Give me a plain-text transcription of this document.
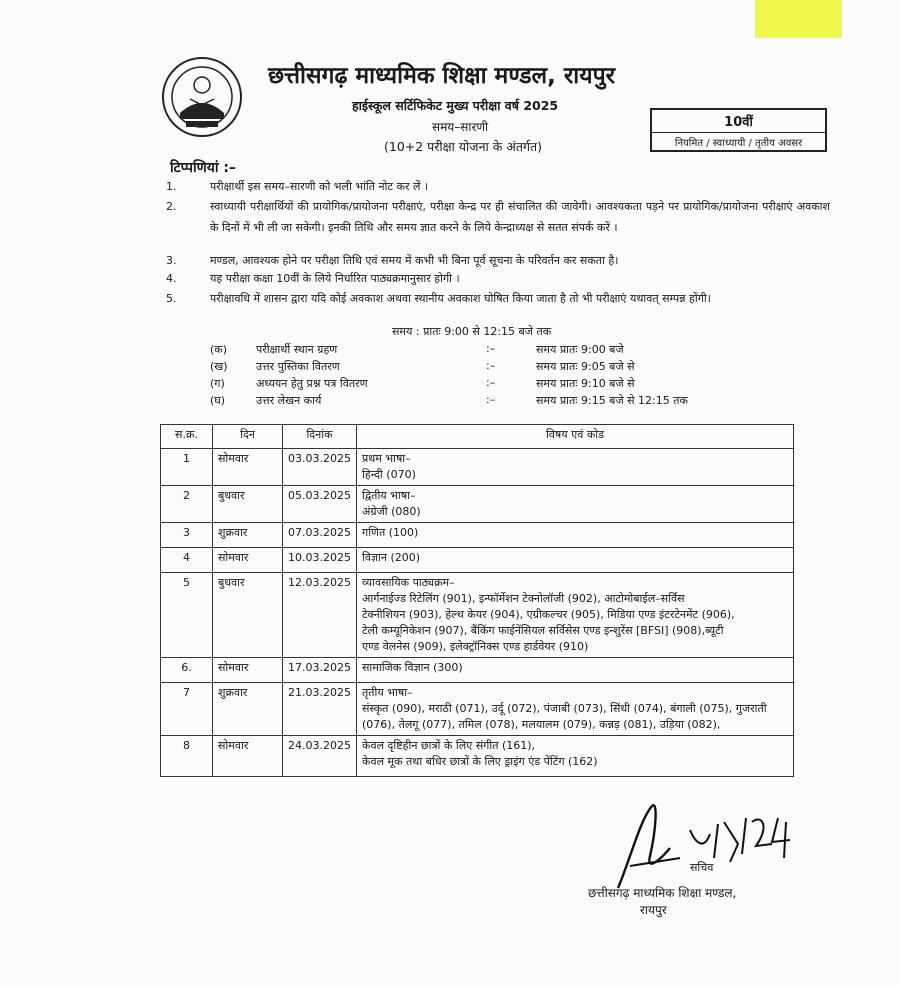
छत्तीसगढ़ माध्यमिक शिक्षा मण्डल, रायपुर
हाईस्कूल सर्टिफिकेट मुख्य परीक्षा वर्ष 2025
समय–सारणी
(10+2 परीक्षा योजना के अंतर्गत)
10वीं
नियमित / स्वाध्यायी / तृतीय अवसर
टिप्पणियां :–
1.	परीक्षार्थी इस समय–सारणी को भली भांति नोट कर लें ।
2.	स्वाध्यायी परीक्षार्थियों की प्रायोगिक/प्रायोजना परीक्षाएं, परीक्षा केन्द्र पर ही संचालित की जावेगी। आवश्यकता पड़ने पर प्रायोगिक/प्रायोजना परीक्षाएं अवकाश के दिनों में भी ली जा सकेगी। इनकी तिथि और समय ज्ञात करने के लिये केन्द्राध्यक्ष से सतत संपर्क करें ।
3.	मण्डल, आवश्यक होने पर परीक्षा तिथि एवं समय में कभी भी बिना पूर्व सूचना के परिवर्तन कर सकता है।
4.	यह परीक्षा कक्षा 10वीं के लिये निर्धारित पाठ्यक्रमानुसार होगी ।
5.	परीक्षावधि में शासन द्वारा यदि कोई अवकाश अथवा स्थानीय अवकाश घोषित किया जाता है तो भी परीक्षाएं यथावत् सम्पन्न होंगी।
समय : प्रातः 9:00 से 12:15 बजे तक
(क)	परीक्षार्थी स्थान ग्रहण	:–	समय प्रातः 9:00 बजे
(ख)	उत्तर पुस्तिका वितरण	:–	समय प्रातः 9:05 बजे से
(ग)	अध्ययन हेतु प्रश्न पत्र वितरण	:–	समय प्रातः 9:10 बजे से
(घ)	उत्तर लेखन कार्य	:–	समय प्रातः 9:15 बजे से 12:15 तक
स.क्र.	दिन	दिनांक	विषय एवं कोड
1	सोमवार	03.03.2025	प्रथम भाषा–
हिन्दी (070)

2	बुधवार	05.03.2025	द्वितीय भाषा–
अंग्रेजी (080)

3	शुक्रवार	07.03.2025	गणित (100)

4	सोमवार	10.03.2025	विज्ञान (200)

5	बुधवार	12.03.2025	व्यावसायिक पाठ्यक्रम–
आर्गनाईज्ड रिटेलिंग (901), इन्फॉर्मेशन टेक्नोलॉजी (902), आटोमोबाईल–सर्विस
टेक्नीशियन (903), हेल्थ केयर (904), एग्रीकल्चर (905), मिडिया एण्ड इंटरटेनमेंट (906),
टेली कम्यूनिकेशन (907), बैंकिंग फाईनेंसियल सर्विसेस एण्ड इन्शुरेंस [BFSI] (908),ब्यूटी
एण्ड वेलनेस (909), इलेक्ट्रॉनिक्स एण्ड हार्डवेयर (910)

6.	सोमवार	17.03.2025	सामाजिक विज्ञान (300)

7	शुक्रवार	21.03.2025	तृतीय भाषा–
संस्कृत (090), मराठी (071), उर्दू (072), पंजाबी (073), सिंधी (074), बंगाली (075), गुजराती
(076), तेलगू (077), तमिल (078), मलयालम (079), कन्नड़ (081), उड़िया (082),

8	सोमवार	24.03.2025	केवल दृष्टिहीन छात्रों के लिए संगीत (161),
केवल मूक तथा बधिर छात्रों के लिए ड्राइंग एंड पेंटिंग (162)
सचिव
छत्तीसगढ़ माध्यमिक शिक्षा मण्डल,
रायपुर
